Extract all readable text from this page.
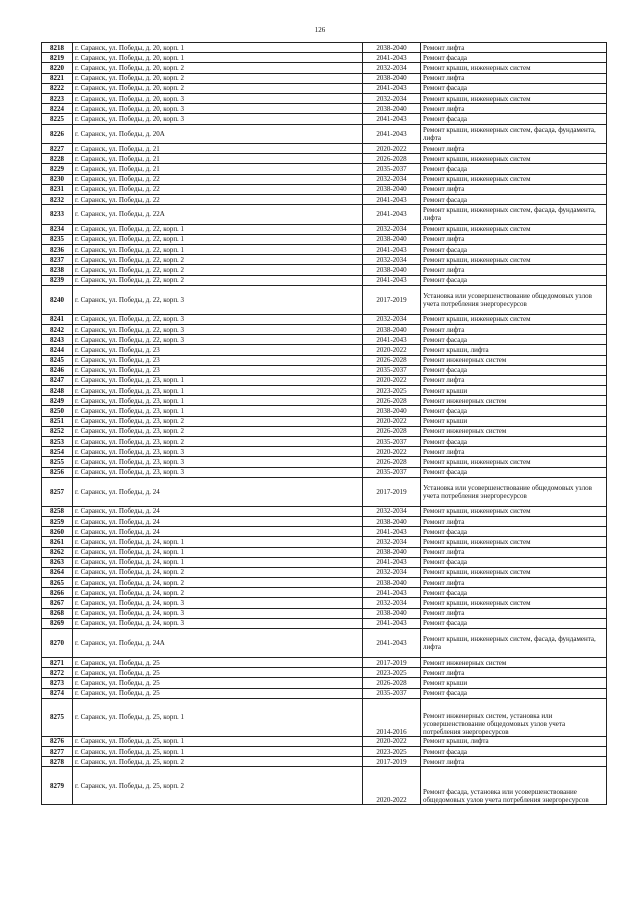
126
8218	г. Саранск, ул. Победы, д. 20, корп. 1	2038-2040	Ремонт лифта
8219	г. Саранск, ул. Победы, д. 20, корп. 1	2041-2043	Ремонт фасада
8220	г. Саранск, ул. Победы, д. 20, корп. 2	2032-2034	Ремонт крыши, инженерных систем
8221	г. Саранск, ул. Победы, д. 20, корп. 2	2038-2040	Ремонт лифта
8222	г. Саранск, ул. Победы, д. 20, корп. 2	2041-2043	Ремонт фасада
8223	г. Саранск, ул. Победы, д. 20, корп. 3	2032-2034	Ремонт крыши, инженерных систем
8224	г. Саранск, ул. Победы, д. 20, корп. 3	2038-2040	Ремонт лифта
8225	г. Саранск, ул. Победы, д. 20, корп. 3	2041-2043	Ремонт фасада
8226	г. Саранск, ул. Победы, д. 20А	2041-2043	Ремонт крыши, инженерных систем, фасада, фундамента, лифта
8227	г. Саранск, ул. Победы, д. 21	2020-2022	Ремонт лифта
8228	г. Саранск, ул. Победы, д. 21	2026-2028	Ремонт крыши, инженерных систем
8229	г. Саранск, ул. Победы, д. 21	2035-2037	Ремонт фасада
8230	г. Саранск, ул. Победы, д. 22	2032-2034	Ремонт крыши, инженерных систем
8231	г. Саранск, ул. Победы, д. 22	2038-2040	Ремонт лифта
8232	г. Саранск, ул. Победы, д. 22	2041-2043	Ремонт фасада
8233	г. Саранск, ул. Победы, д. 22А	2041-2043	Ремонт крыши, инженерных систем, фасада, фундамента, лифта
8234	г. Саранск, ул. Победы, д. 22, корп. 1	2032-2034	Ремонт крыши, инженерных систем
8235	г. Саранск, ул. Победы, д. 22, корп. 1	2038-2040	Ремонт лифта
8236	г. Саранск, ул. Победы, д. 22, корп. 1	2041-2043	Ремонт фасада
8237	г. Саранск, ул. Победы, д. 22, корп. 2	2032-2034	Ремонт крыши, инженерных систем
8238	г. Саранск, ул. Победы, д. 22, корп. 2	2038-2040	Ремонт лифта
8239	г. Саранск, ул. Победы, д. 22, корп. 2	2041-2043	Ремонт фасада
8240	г. Саранск, ул. Победы, д. 22, корп. 3	2017-2019	Установка или усовершенствование общедомовых узлов учета потребления энергоресурсов
8241	г. Саранск, ул. Победы, д. 22, корп. 3	2032-2034	Ремонт крыши, инженерных систем
8242	г. Саранск, ул. Победы, д. 22, корп. 3	2038-2040	Ремонт лифта
8243	г. Саранск, ул. Победы, д. 22, корп. 3	2041-2043	Ремонт фасада
8244	г. Саранск, ул. Победы, д. 23	2020-2022	Ремонт крыши, лифта
8245	г. Саранск, ул. Победы, д. 23	2026-2028	Ремонт инженерных систем
8246	г. Саранск, ул. Победы, д. 23	2035-2037	Ремонт фасада
8247	г. Саранск, ул. Победы, д. 23, корп. 1	2020-2022	Ремонт лифта
8248	г. Саранск, ул. Победы, д. 23, корп. 1	2023-2025	Ремонт крыши
8249	г. Саранск, ул. Победы, д. 23, корп. 1	2026-2028	Ремонт инженерных систем
8250	г. Саранск, ул. Победы, д. 23, корп. 1	2038-2040	Ремонт фасада
8251	г. Саранск, ул. Победы, д. 23, корп. 2	2020-2022	Ремонт крыши
8252	г. Саранск, ул. Победы, д. 23, корп. 2	2026-2028	Ремонт инженерных систем
8253	г. Саранск, ул. Победы, д. 23, корп. 2	2035-2037	Ремонт фасада
8254	г. Саранск, ул. Победы, д. 23, корп. 3	2020-2022	Ремонт лифта
8255	г. Саранск, ул. Победы, д. 23, корп. 3	2026-2028	Ремонт крыши, инженерных систем
8256	г. Саранск, ул. Победы, д. 23, корп. 3	2035-2037	Ремонт фасада
8257	г. Саранск, ул. Победы, д. 24	2017-2019	Установка или усовершенствование общедомовых узлов учета потребления энергоресурсов
8258	г. Саранск, ул. Победы, д. 24	2032-2034	Ремонт крыши, инженерных систем
8259	г. Саранск, ул. Победы, д. 24	2038-2040	Ремонт лифта
8260	г. Саранск, ул. Победы, д. 24	2041-2043	Ремонт фасада
8261	г. Саранск, ул. Победы, д. 24, корп. 1	2032-2034	Ремонт крыши, инженерных систем
8262	г. Саранск, ул. Победы, д. 24, корп. 1	2038-2040	Ремонт лифта
8263	г. Саранск, ул. Победы, д. 24, корп. 1	2041-2043	Ремонт фасада
8264	г. Саранск, ул. Победы, д. 24, корп. 2	2032-2034	Ремонт крыши, инженерных систем
8265	г. Саранск, ул. Победы, д. 24, корп. 2	2038-2040	Ремонт лифта
8266	г. Саранск, ул. Победы, д. 24, корп. 2	2041-2043	Ремонт фасада
8267	г. Саранск, ул. Победы, д. 24, корп. 3	2032-2034	Ремонт крыши, инженерных систем
8268	г. Саранск, ул. Победы, д. 24, корп. 3	2038-2040	Ремонт лифта
8269	г. Саранск, ул. Победы, д. 24, корп. 3	2041-2043	Ремонт фасада
8270	г. Саранск, ул. Победы, д. 24А	2041-2043	Ремонт крыши, инженерных систем, фасада, фундамента, лифта
8271	г. Саранск, ул. Победы, д. 25	2017-2019	Ремонт инженерных систем
8272	г. Саранск, ул. Победы, д. 25	2023-2025	Ремонт лифта
8273	г. Саранск, ул. Победы, д. 25	2026-2028	Ремонт крыши
8274	г. Саранск, ул. Победы, д. 25	2035-2037	Ремонт фасада
8275	г. Саранск, ул. Победы, д. 25, корп. 1	2014-2016	Ремонт инженерных систем, установка или усовершенствование общедомовых узлов учета потребления энергоресурсов
8276	г. Саранск, ул. Победы, д. 25, корп. 1	2020-2022	Ремонт крыши, лифта
8277	г. Саранск, ул. Победы, д. 25, корп. 1	2023-2025	Ремонт фасада
8278	г. Саранск, ул. Победы, д. 25, корп. 2	2017-2019	Ремонт лифта
8279	г. Саранск, ул. Победы, д. 25, корп. 2	2020-2022	Ремонт фасада, установка или усовершенствование общедомовых узлов учета потребления энергоресурсов
